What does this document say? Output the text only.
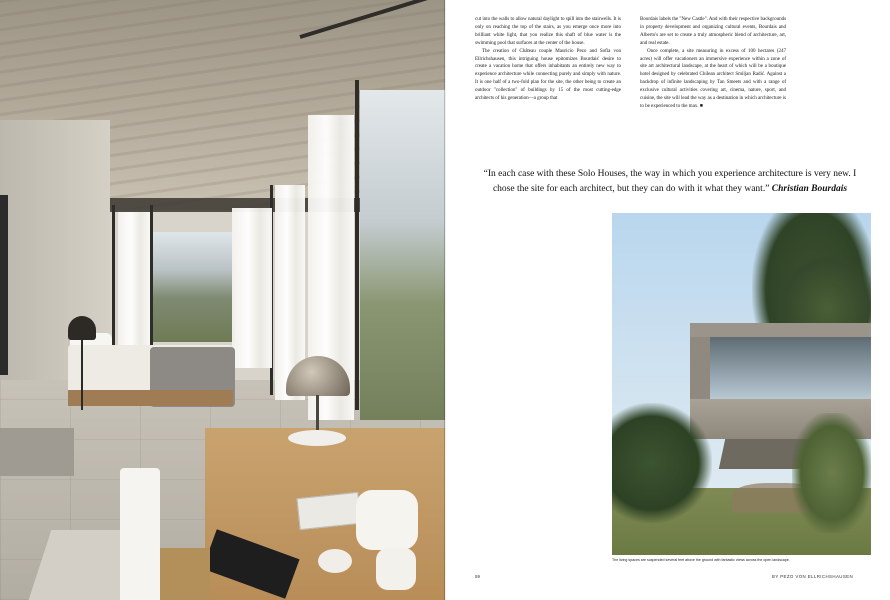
cut into the walls to allow natural daylight to spill into the stairwells. It is only on reaching the top of the stairs, as you emerge once more into brilliant white light, that you realize this shaft of blue water is the swimming pool that surfaces at the center of the house.

The creation of Château couple Mauricio Pezo and Sofia von Ellrichshausen, this intriguing house epitomizes Bourdais' desire to create a vacation home that offers inhabitants an entirely new way to experience architecture while connecting purely and simply with nature. It is one half of a two-fold plan for the site, the other being to create an outdoor "collection" of buildings by 15 of the most cutting-edge architects of his generation—a group that

Bourdais labels the "New Castle". And with their respective backgrounds in property development and organizing cultural events, Bourdais and Alberto's are set to create a truly atmospheric blend of architecture, art, and real estate.

Once complete, a site measuring in excess of 100 hectares (247 acres) will offer vacationers an immersive experience within a zone of site art architectural landscape, at the heart of which will be a boutique hotel designed by celebrated Chilean architect Smiljan Radić. Against a backdrop of infinite landscaping by Tan Smeets and with a range of exclusive cultural activities covering art, cinema, nature, sport, and cuisine, the site will lead the way as a destination in which architecture is to be experienced to the max. ■

“In each case with these Solo Houses, the way in which you experience architecture is very new. I chose the site for each architect, but they can do with it what they want.” Christian Bourdais
The living spaces are suspended several feet above the ground with fantastic views across the open landscape.
59	BY PEZO VON ELLRICHSHAUSEN
